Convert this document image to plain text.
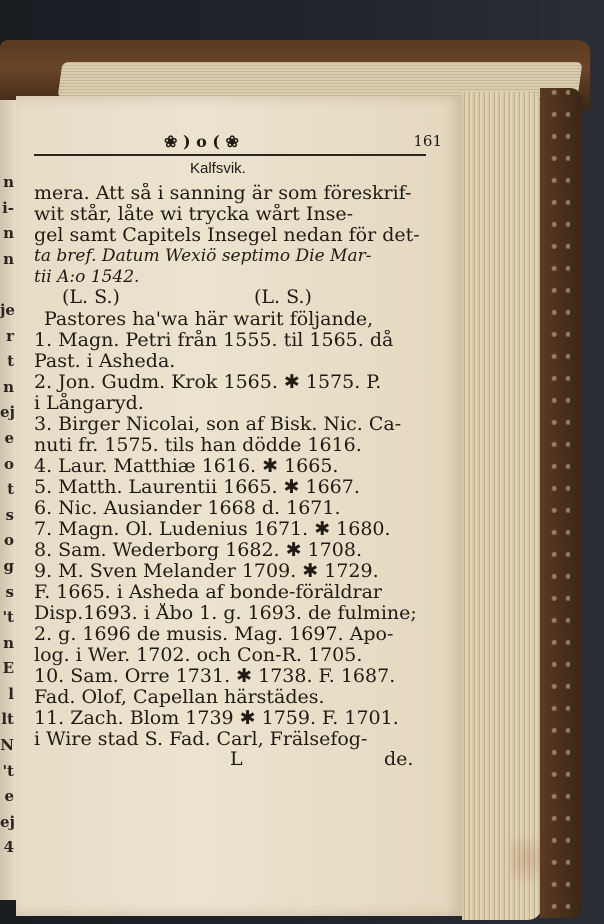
n
i-
n
n
je
r
t
n
ej
e
o
t
s
o
g
s
't
n
E
l
lt
N
't
e
ej
4
❀ ) o ( ❀	161
Kalfsvik.
mera. Att så i sanning är som föreskrif-
wit står, låte wi trycka wårt Inse-
gel samt Capitels Insegel nedan för det-
ta bref. Datum Wexiö septimo Die Mar-
tii A:o 1542.
(L. S.)	(L. S.)
Pastores ha'wa här warit följande,
1. Magn. Petri från 1555. til 1565. då
Past. i Asheda.
2. Jon. Gudm. Krok 1565. ✱ 1575. P.
i Långaryd.
3. Birger Nicolai, son af Bisk. Nic. Ca-
nuti fr. 1575. tils han dödde 1616.
4. Laur. Matthiæ 1616. ✱ 1665.
5. Matth. Laurentii 1665. ✱ 1667.
6. Nic. Ausiander 1668 d. 1671.
7. Magn. Ol. Ludenius 1671. ✱ 1680.
8. Sam. Wederborg 1682. ✱ 1708.
9. M. Sven Melander 1709. ✱ 1729.
F. 1665. i Asheda af bonde-föräldrar
Disp.1693. i Åbo 1. g. 1693. de fulmine;
2. g. 1696 de musis. Mag. 1697. Apo-
log. i Wer. 1702. och Con-R. 1705.
10. Sam. Orre 1731. ✱ 1738. F. 1687.
Fad. Olof, Capellan härstädes.
11. Zach. Blom 1739 ✱ 1759. F. 1701.
i Wire stad S. Fad. Carl, Frälsefog-
L	de.
